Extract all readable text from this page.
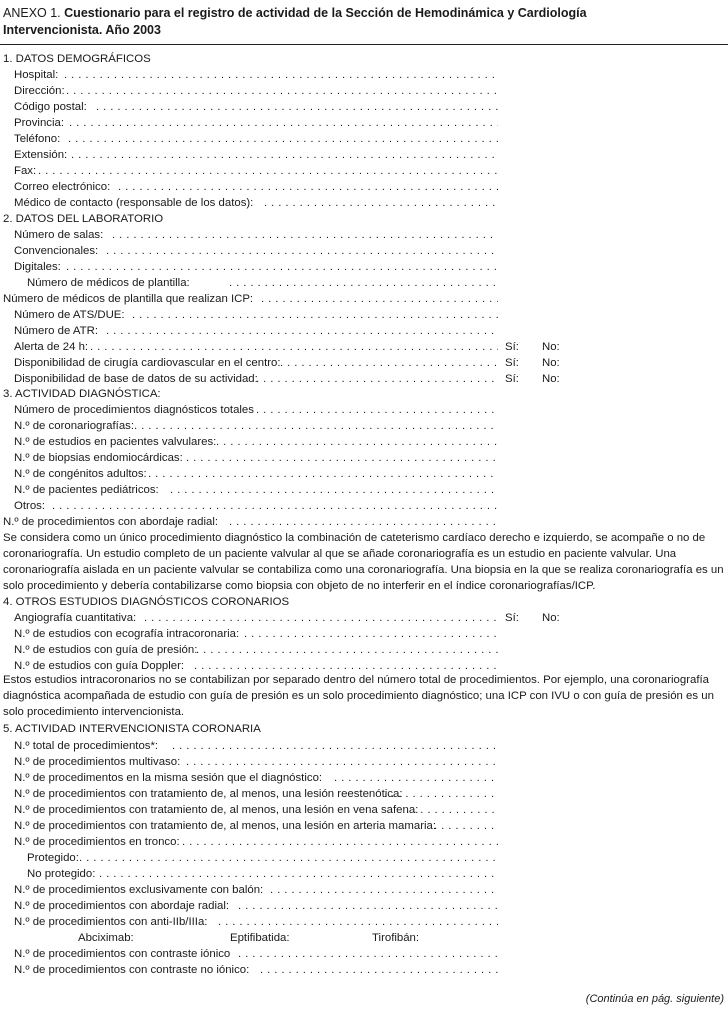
ANEXO 1. Cuestionario para el registro de actividad de la Sección de Hemodinámica y Cardiología
Intervencionista. Año 2003
1. DATOS DEMOGRÁFICOS
Hospital:
. . .
Dirección:
. . .
Código postal:
. . .
Provincia:
. . .
Teléfono:
. . .
Extensión:
. . .
Fax:
. . .
Correo electrónico:
. . .
Médico de contacto (responsable de los datos):
. . .
2. DATOS DEL LABORATORIO
Número de salas:
. . .
Convencionales:
. . .
Digitales:
. . .
Número de médicos de plantilla:
. . .
Número de médicos de plantilla que realizan ICP:
. . .
Número de ATS/DUE:
. . .
Número de ATR:
. . .
Alerta de 24 h: . . .	Sí: No:
Disponibilidad de cirugía cardiovascular en el centro: . . .	Sí: No:
Disponibilidad de base de datos de su actividad: . . .	Sí: No:
3. ACTIVIDAD DIAGNÓSTICA:
Número de procedimientos diagnósticos totales
. . .
N.º de coronariografías:
. . .
N.º de estudios en pacientes valvulares:
. . .
N.º de biopsias endomiocárdicas:
. . .
N.º de congénitos adultos:
. . .
N.º de pacientes pediátricos:
. . .
Otros:
. . .
N.º de procedimientos con abordaje radial:
. . .
Se considera como un único procedimiento diagnóstico la combinación de cateterismo cardíaco derecho e izquierdo, se acompañe o no de
coronariografía. Un estudio completo de un paciente valvular al que se añade coronariografía es un estudio en paciente valvular. Una
coronariografía aislada en un paciente valvular se contabiliza como una coronariografía. Una biopsia en la que se realiza coronariografía es un
solo procedimiento y debería contabilizarse como biopsia con objeto de no interferir en el índice coronariografías/ICP.
4. OTROS ESTUDIOS DIAGNÓSTICOS CORONARIOS
Angiografía cuantitativa: . . .	Sí: No:
N.º de estudios con ecografía intracoronaria:
. . .
N.º de estudios con guía de presión:
. . .
N.º de estudios con guía Doppler:
. . .
Estos estudios intracoronarios no se contabilizan por separado dentro del número total de procedimientos. Por ejemplo, una coronariografía
diagnóstica acompañada de estudio con guía de presión es un solo procedimiento diagnóstico; una ICP con IVU o con guía de presión es un
solo procedimiento intervencionista.
5. ACTIVIDAD INTERVENCIONISTA CORONARIA
N.º total de procedimientos*:
. . .
N.º de procedimientos multivaso:
. . .
N.º de procedimentos en la misma sesión que el diagnóstico:
. . .
N.º de procedimientos con tratamiento de, al menos, una lesión reestenótica:
. . .
N.º de procedimientos con tratamiento de, al menos, una lesión en vena safena:
. . .
N.º de procedimientos con tratamiento de, al menos, una lesión en arteria mamaria:
. . .
N.º de procedimientos en tronco:
. . .
Protegido:
. . .
No protegido:
. . .
N.º de procedimientos exclusivamente con balón:
. . .
N.º de procedimientos con abordaje radial:
. . .
N.º de procedimientos con anti-IIb/IIIa:
. . .
Abciximab:	Eptifibatida:	Tirofibán:
N.º de procedimientos con contraste iónico
. . .
N.º de procedimientos con contraste no iónico:
. . .
(Continúa en pág. siguiente)
